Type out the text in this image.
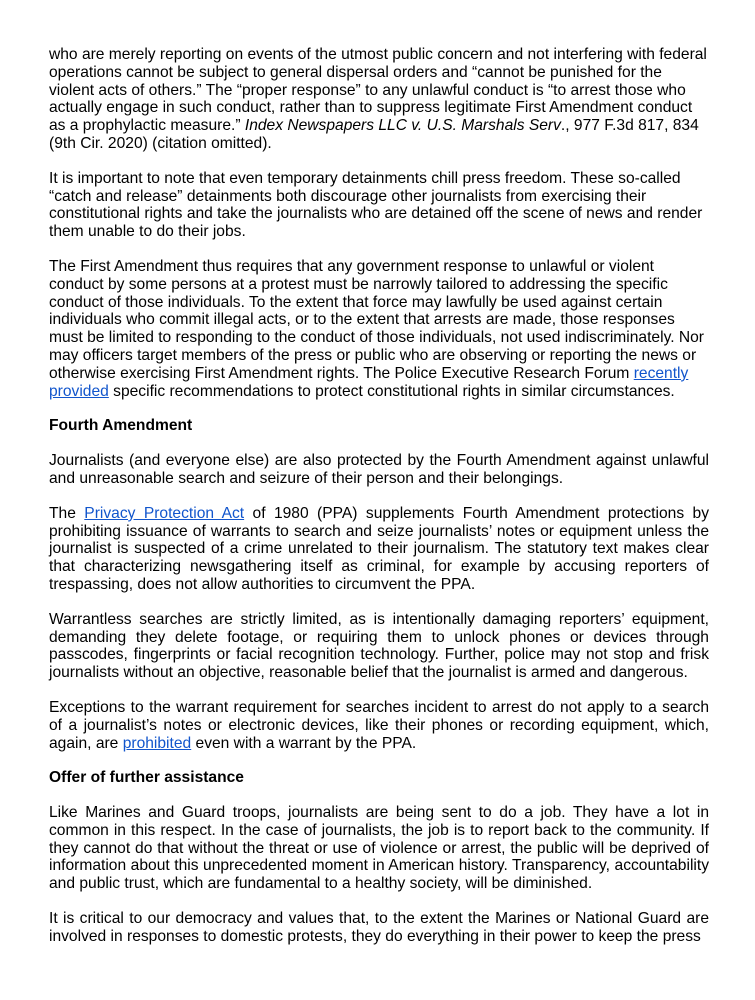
who are merely reporting on events of the utmost public concern and not interfering with federal operations cannot be subject to general dispersal orders and “cannot be punished for the violent acts of others.” The “proper response” to any unlawful conduct is “to arrest those who actually engage in such conduct, rather than to suppress legitimate First Amendment conduct as a prophylactic measure.” Index Newspapers LLC v. U.S. Marshals Serv., 977 F.3d 817, 834 (9th Cir. 2020) (citation omitted).

It is important to note that even temporary detainments chill press freedom. These so-called “catch and release” detainments both discourage other journalists from exercising their constitutional rights and take the journalists who are detained off the scene of news and render them unable to do their jobs.

The First Amendment thus requires that any government response to unlawful or violent conduct by some persons at a protest must be narrowly tailored to addressing the specific conduct of those individuals. To the extent that force may lawfully be used against certain individuals who commit illegal acts, or to the extent that arrests are made, those responses must be limited to responding to the conduct of those individuals, not used indiscriminately. Nor may officers target members of the press or public who are observing or reporting the news or otherwise exercising First Amendment rights. The Police Executive Research Forum recently provided specific recommendations to protect constitutional rights in similar circumstances.

Fourth Amendment

Journalists (and everyone else) are also protected by the Fourth Amendment against unlawful and unreasonable search and seizure of their person and their belongings.

The Privacy Protection Act of 1980 (PPA) supplements Fourth Amendment protections by prohibiting issuance of warrants to search and seize journalists’ notes or equipment unless the journalist is suspected of a crime unrelated to their journalism. The statutory text makes clear that characterizing newsgathering itself as criminal, for example by accusing reporters of trespassing, does not allow authorities to circumvent the PPA.

Warrantless searches are strictly limited, as is intentionally damaging reporters’ equipment, demanding they delete footage, or requiring them to unlock phones or devices through passcodes, fingerprints or facial recognition technology. Further, police may not stop and frisk journalists without an objective, reasonable belief that the journalist is armed and dangerous.

Exceptions to the warrant requirement for searches incident to arrest do not apply to a search of a journalist’s notes or electronic devices, like their phones or recording equipment, which, again, are prohibited even with a warrant by the PPA.

Offer of further assistance

Like Marines and Guard troops, journalists are being sent to do a job. They have a lot in common in this respect. In the case of journalists, the job is to report back to the community. If they cannot do that without the threat or use of violence or arrest, the public will be deprived of information about this unprecedented moment in American history. Transparency, accountability and public trust, which are fundamental to a healthy society, will be diminished.

It is critical to our democracy and values that, to the extent the Marines or National Guard are involved in responses to domestic protests, they do everything in their power to keep the press
